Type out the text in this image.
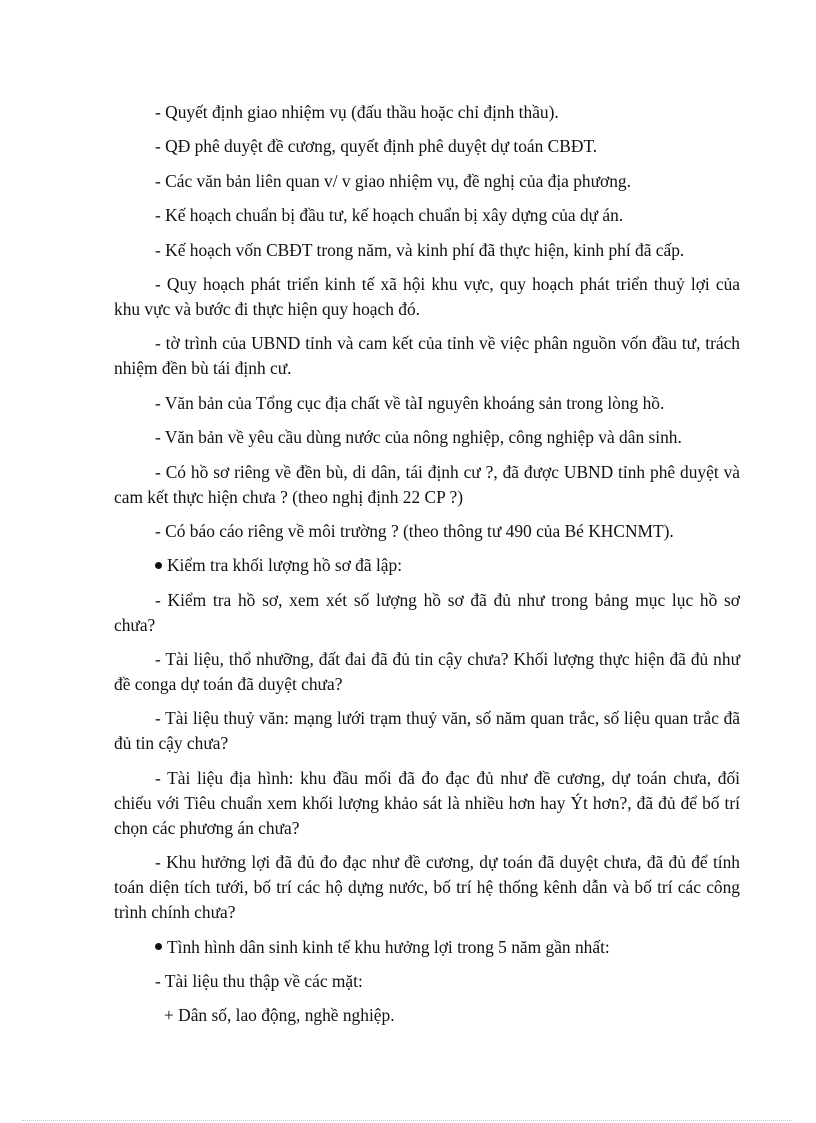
- Quyết định giao nhiệm vụ (đấu thầu hoặc chỉ định thầu).

- QĐ phê duyệt đề cương, quyết định phê duyệt dự toán CBĐT.

- Các văn bản liên quan v/ v giao nhiệm vụ, đề nghị của địa phương.

- Kế hoạch chuẩn bị đầu tư, kế hoạch chuẩn bị xây dựng của dự án.

- Kế hoạch vốn CBĐT trong năm, và kinh phí đã thực hiện, kinh phí đã cấp.

- Quy hoạch phát triển kinh tế xã hội khu vực, quy hoạch phát triển thuỷ lợi của khu vực và bước đi thực hiện quy hoạch đó.

- tờ trình của UBND tỉnh và cam kết của tỉnh về việc phân nguồn vốn đầu tư, trách nhiệm đền bù tái định cư.

- Văn bản của Tổng cục địa chất về tàI nguyên khoáng sản trong lòng hồ.

- Văn bản về yêu cầu dùng nước của nông nghiệp, công nghiệp và dân sinh.

- Có hồ sơ riêng về đền bù, di dân, tái định cư ?, đã được UBND tỉnh phê duyệt và cam kết thực hiện chưa ? (theo nghị định 22 CP ?)

- Có báo cáo riêng về môi trường ? (theo thông tư 490 của Bé KHCNMT).

Kiểm tra khối lượng hồ sơ đã lập:

- Kiểm tra hồ sơ, xem xét số lượng hồ sơ đã đủ như trong bảng mục lục hồ sơ chưa?

- Tài liệu, thổ nhưỡng, đất đai đã đủ tin cậy chưa? Khối lượng thực hiện đã đủ như đề conga dự toán đã duyệt chưa?

- Tài liệu thuỷ văn: mạng lưới trạm thuỷ văn, số năm quan trắc, số liệu quan trắc đã đủ tin cậy chưa?

- Tài liệu địa hình: khu đầu mối đã đo đạc đủ như đề cương, dự toán chưa, đối chiếu với Tiêu chuẩn xem khối lượng khảo sát là nhiều hơn hay Ýt hơn?, đã đủ để bố trí chọn các phương án chưa?

- Khu hưởng lợi đã đủ đo đạc như đề cương, dự toán đã duyệt chưa, đã đủ để tính toán diện tích tưới, bố trí các hộ dựng nước, bố trí hệ thống kênh dẫn và bố trí các công trình chính chưa?

Tình hình dân sinh kinh tế khu hưởng lợi trong 5 năm gần nhất:

- Tài liệu thu thập về các mặt:

+ Dân số, lao động, nghề nghiệp.
